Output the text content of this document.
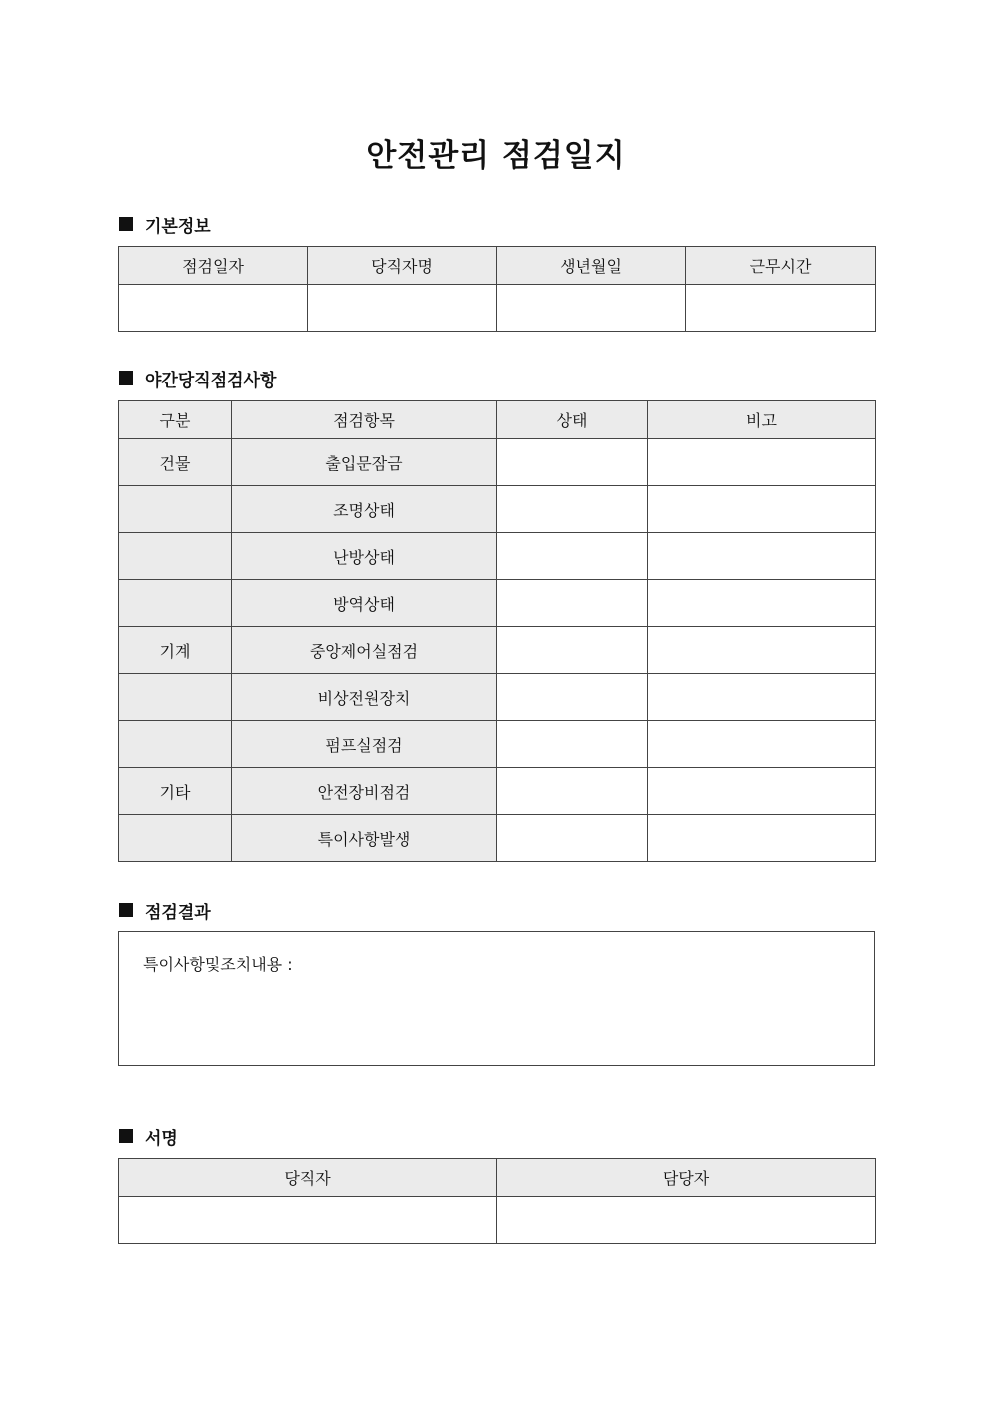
안전관리 점검일지
기본정보
점검일자	당직자명	생년월일	근무시간

야간당직점검사항
구분	점검항목	상태	비고
건물	출입문잠금		
	조명상태		
	난방상태		
	방역상태		
기계	중앙제어실점검		
	비상전원장치		
	펌프실점검		
기타	안전장비점검		
	특이사항발생		
점검결과
특이사항및조치내용 :
서명
당직자	담당자
